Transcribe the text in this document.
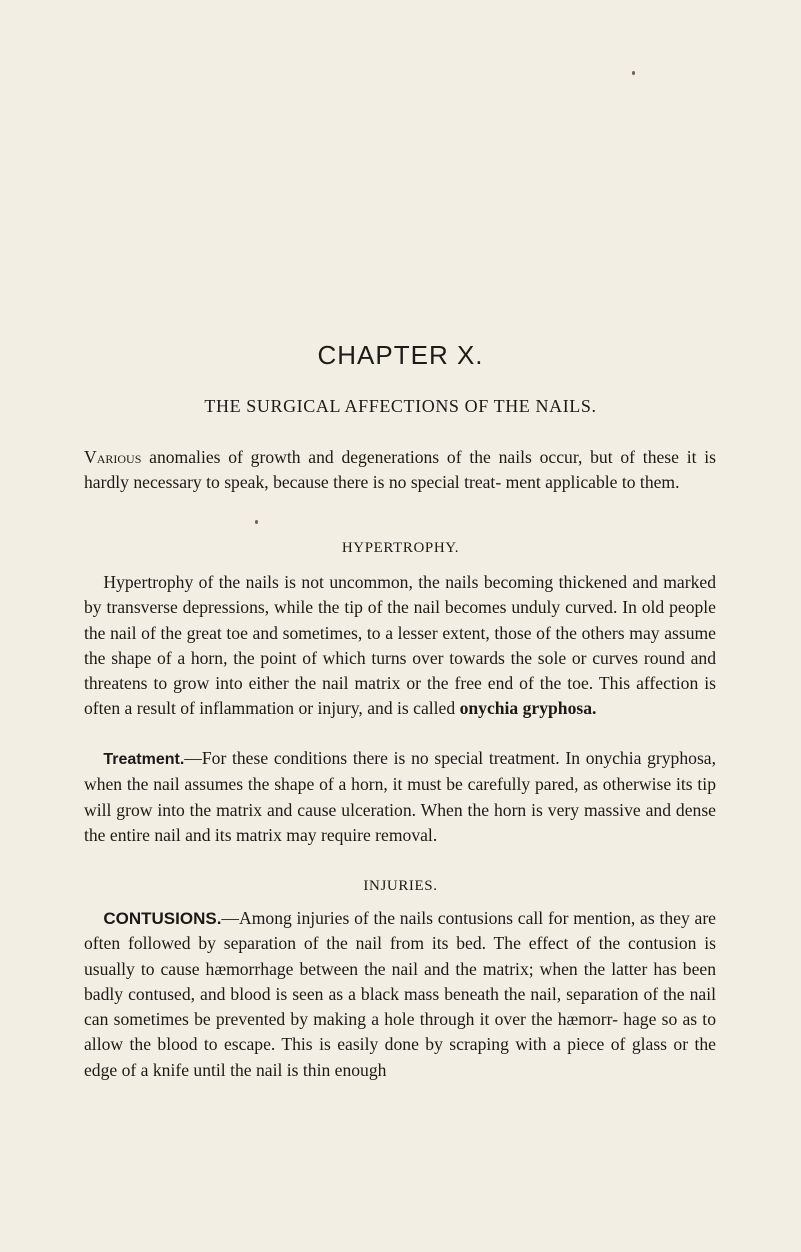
CHAPTER X.
THE SURGICAL AFFECTIONS OF THE NAILS.
Various anomalies of growth and degenerations of the nails occur, but of these it is hardly necessary to speak, because there is no special treat- ment applicable to them.
HYPERTROPHY.
Hypertrophy of the nails is not uncommon, the nails becoming thickened and marked by transverse depressions, while the tip of the nail becomes unduly curved. In old people the nail of the great toe and sometimes, to a lesser extent, those of the others may assume the shape of a horn, the point of which turns over towards the sole or curves round and threatens to grow into either the nail matrix or the free end of the toe. This affection is often a result of inflammation or injury, and is called onychia gryphosa.
Treatment.—For these conditions there is no special treatment. In onychia gryphosa, when the nail assumes the shape of a horn, it must be carefully pared, as otherwise its tip will grow into the matrix and cause ulceration. When the horn is very massive and dense the entire nail and its matrix may require removal.
INJURIES.
CONTUSIONS.—Among injuries of the nails contusions call for mention, as they are often followed by separation of the nail from its bed. The effect of the contusion is usually to cause hæmorrhage between the nail and the matrix; when the latter has been badly contused, and blood is seen as a black mass beneath the nail, separation of the nail can sometimes be prevented by making a hole through it over the hæmorr- hage so as to allow the blood to escape. This is easily done by scraping with a piece of glass or the edge of a knife until the nail is thin enough
